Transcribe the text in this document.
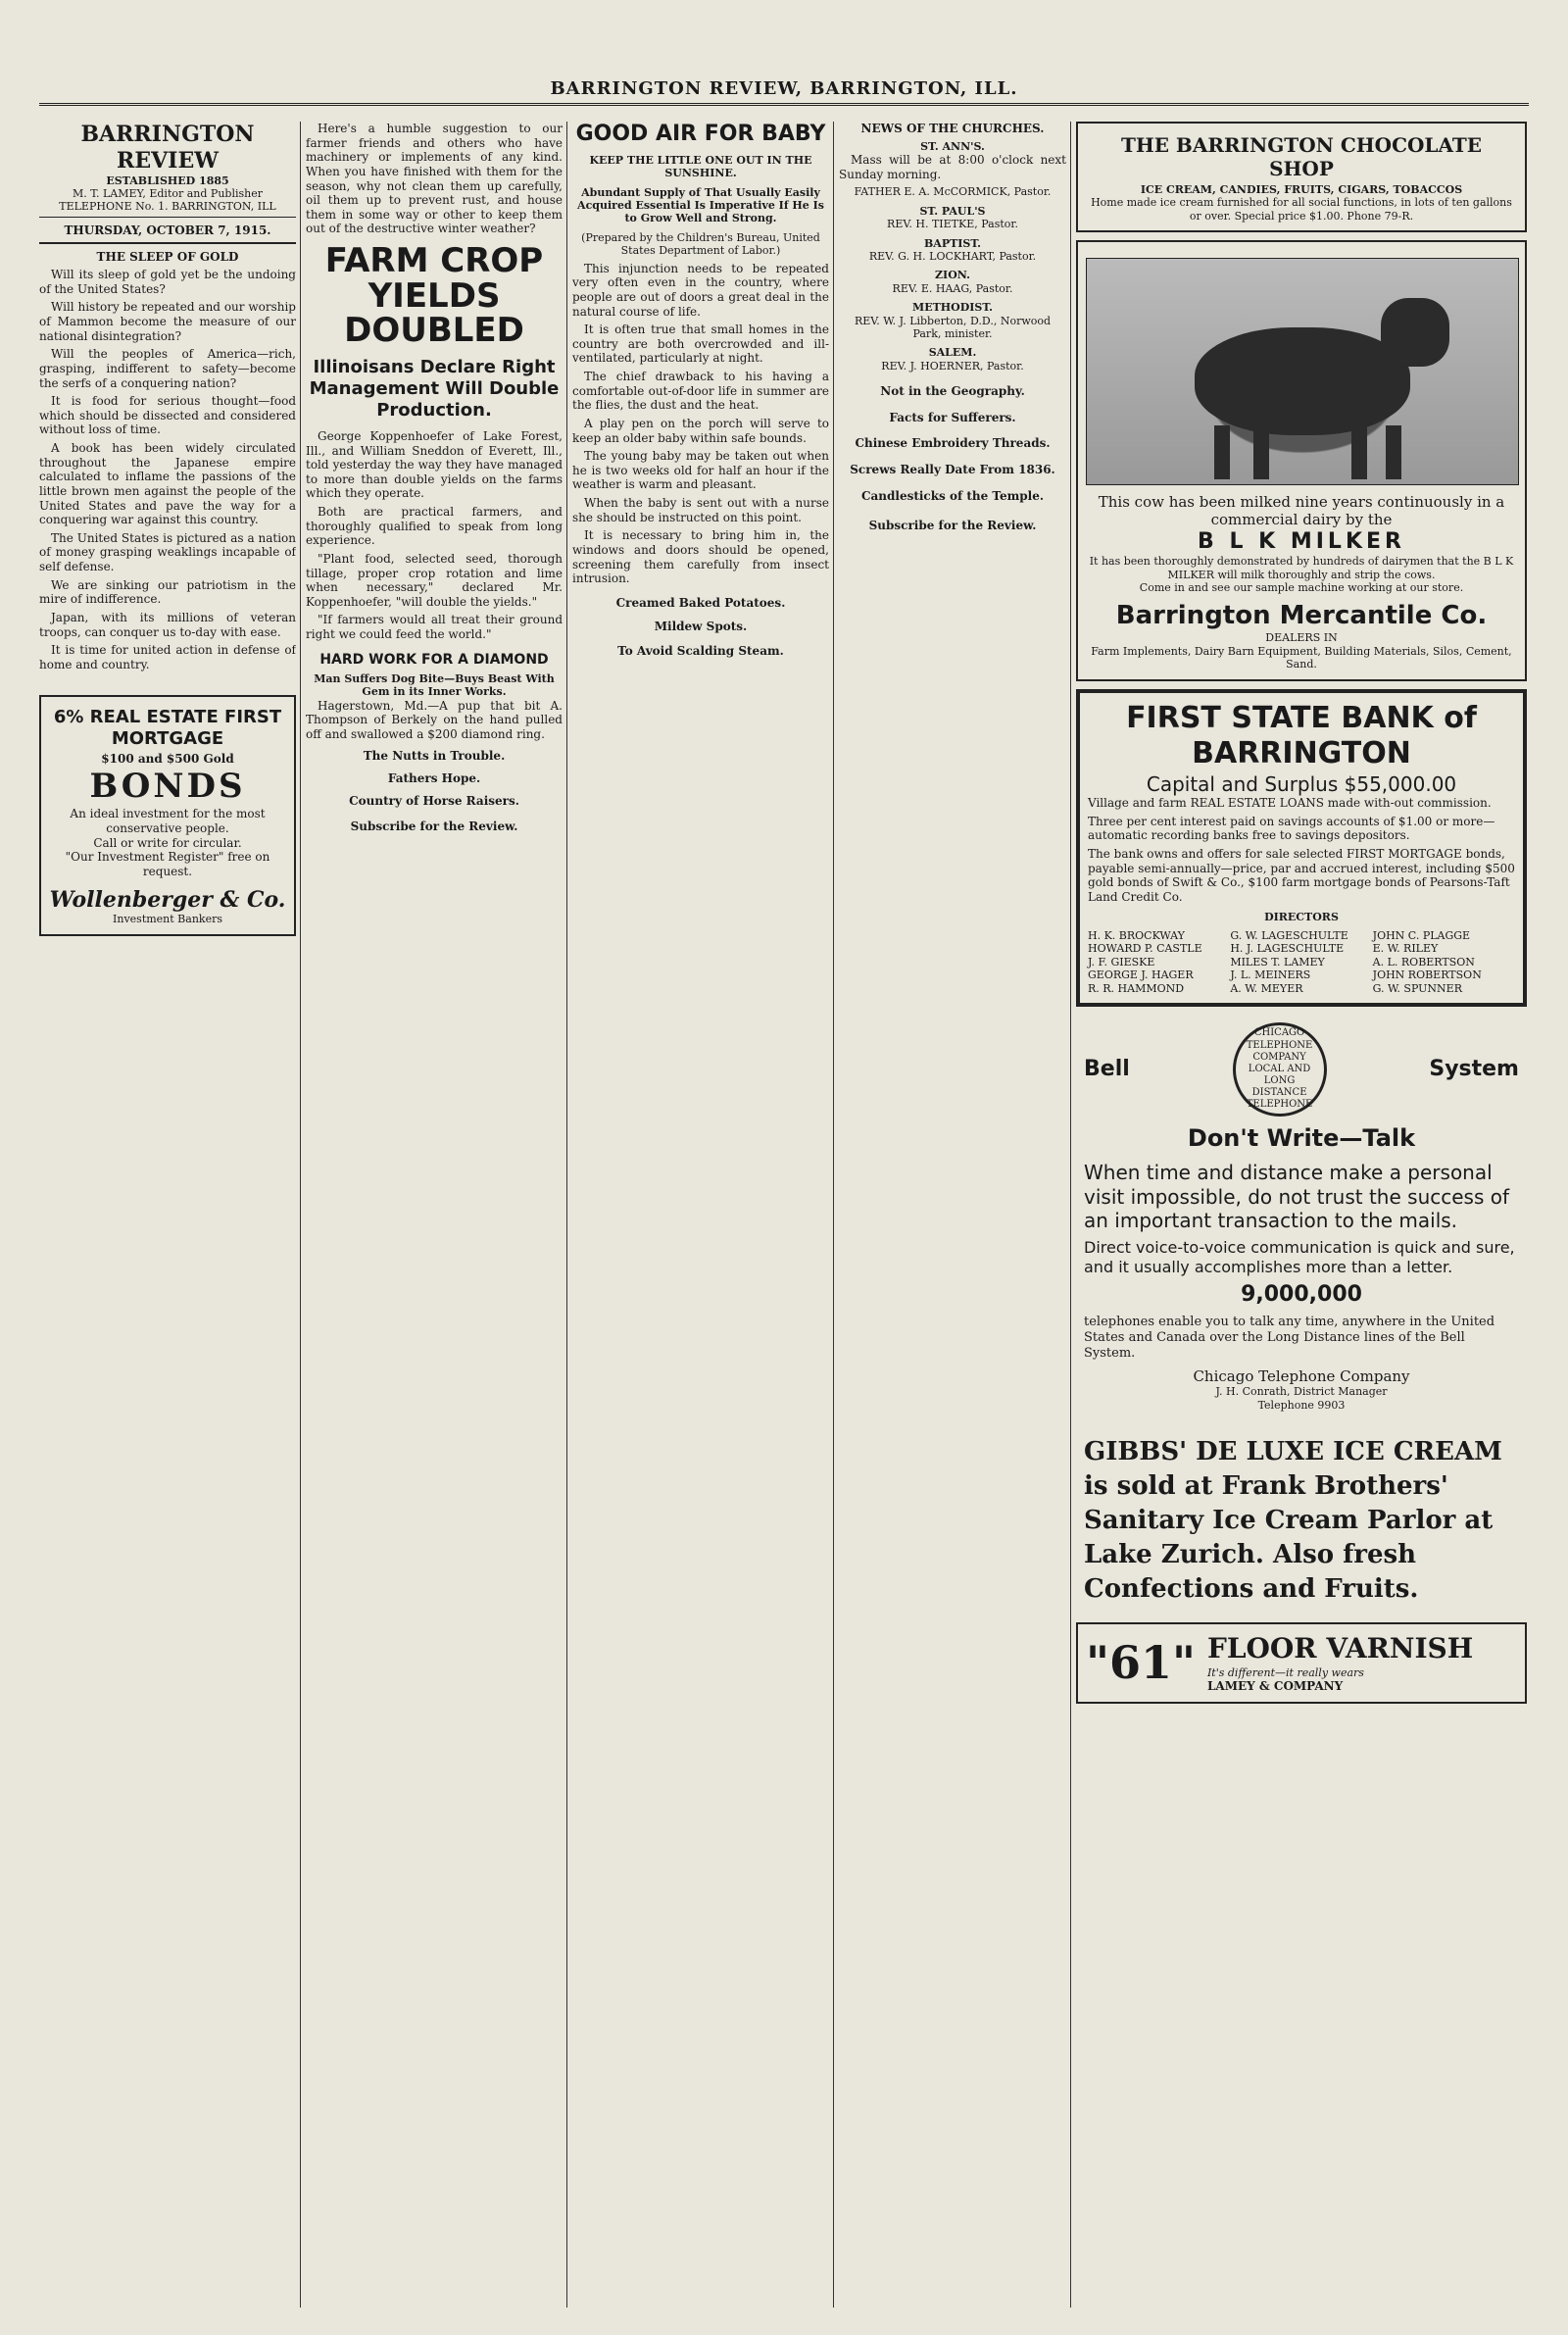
BARRINGTON REVIEW, BARRINGTON, ILL.
BARRINGTON REVIEW
ESTABLISHED 1885
M. T. LAMEY, Editor and Publisher
TELEPHONE No. 1. BARRINGTON, ILL
THURSDAY, OCTOBER 7, 1915.
THE SLEEP OF GOLD

Will its sleep of gold yet be the undoing of the United States?

Will history be repeated and our worship of Mammon become the measure of our national disintegration?

Will the peoples of America—rich, grasping, indifferent to safety—become the serfs of a conquering nation?

It is food for serious thought—food which should be dissected and considered without loss of time.

A book has been widely circulated throughout the Japanese empire calculated to inflame the passions of the little brown men against the people of the United States and pave the way for a conquering war against this country.

The United States is pictured as a nation of money grasping weaklings incapable of self defense.

We are sinking our patriotism in the mire of indifference.

Japan, with its millions of veteran troops, can conquer us to-day with ease.

It is time for united action in defense of home and country.

6% REAL ESTATE FIRST MORTGAGE
$100 and $500 Gold
BONDS
An ideal investment for the most conservative people.
Call or write for circular.
"Our Investment Register" free on request.
Wollenberger & Co.
Investment Bankers

Here's a humble suggestion to our farmer friends and others who have machinery or implements of any kind. When you have finished with them for the season, why not clean them up carefully, oil them up to prevent rust, and house them in some way or other to keep them out of the destructive winter weather?

FARM CROP YIELDS DOUBLED
Illinoisans Declare Right Management Will Double Production.

George Koppenhoefer of Lake Forest, Ill., and William Sneddon of Everett, Ill., told yesterday the way they have managed to more than double yields on the farms which they operate.

Both are practical farmers, and thoroughly qualified to speak from long experience.

"Plant food, selected seed, thorough tillage, proper crop rotation and lime when necessary," declared Mr. Koppenhoefer, "will double the yields."

"If farmers would all treat their ground right we could feed the world."

HARD WORK FOR A DIAMOND
Man Suffers Dog Bite—Buys Beast With Gem in its Inner Works.

Hagerstown, Md.—A pup that bit A. Thompson of Berkely on the hand pulled off and swallowed a $200 diamond ring.

The Nutts in Trouble.
Fathers Hope.
Country of Horse Raisers.
Subscribe for the Review.
GOOD AIR FOR BABY
KEEP THE LITTLE ONE OUT IN THE SUNSHINE.
Abundant Supply of That Usually Easily Acquired Essential Is Imperative If He Is to Grow Well and Strong.
(Prepared by the Children's Bureau, United States Department of Labor.)

This injunction needs to be repeated very often even in the country, where people are out of doors a great deal in the natural course of life.

It is often true that small homes in the country are both overcrowded and ill-ventilated, particularly at night.

The chief drawback to his having a comfortable out-of-door life in summer are the flies, the dust and the heat.

A play pen on the porch will serve to keep an older baby within safe bounds.

The young baby may be taken out when he is two weeks old for half an hour if the weather is warm and pleasant.

When the baby is sent out with a nurse she should be instructed on this point.

It is necessary to bring him in, the windows and doors should be opened, screening them carefully from insect intrusion.

Creamed Baked Potatoes.
Mildew Spots.
To Avoid Scalding Steam.
NEWS OF THE CHURCHES.
ST. ANN'S.

Mass will be at 8:00 o'clock next Sunday morning.

FATHER E. A. McCORMICK, Pastor.
ST. PAUL'S
REV. H. TIETKE, Pastor.
BAPTIST.
REV. G. H. LOCKHART, Pastor.
ZION.
REV. E. HAAG, Pastor.
METHODIST.
REV. W. J. Libberton, D.D., Norwood Park, minister.
SALEM.
REV. J. HOERNER, Pastor.
Not in the Geography.
Facts for Sufferers.
Chinese Embroidery Threads.
Screws Really Date From 1836.
Candlesticks of the Temple.
Subscribe for the Review.
THE BARRINGTON CHOCOLATE SHOP
ICE CREAM, CANDIES, FRUITS, CIGARS, TOBACCOS
Home made ice cream furnished for all social functions, in lots of ten gallons or over. Special price $1.00. Phone 79-R.
This cow has been milked nine years continuously in a commercial dairy by the
B L K MILKER
It has been thoroughly demonstrated by hundreds of dairymen that the B L K MILKER will milk thoroughly and strip the cows.
Come in and see our sample machine working at our store.
Barrington Mercantile Co.
DEALERS IN
Farm Implements, Dairy Barn Equipment, Building Materials, Silos, Cement, Sand.
FIRST STATE BANK of BARRINGTON
Capital and Surplus $55,000.00
Village and farm REAL ESTATE LOANS made with-out commission.
Three per cent interest paid on savings accounts of $1.00 or more—automatic recording banks free to savings depositors.
The bank owns and offers for sale selected FIRST MORTGAGE bonds, payable semi-annually—price, par and accrued interest, including $500 gold bonds of Swift & Co., $100 farm mortgage bonds of Pearsons-Taft Land Credit Co.
DIRECTORS
H. K. BROCKWAY	G. W. LAGESCHULTE	JOHN C. PLAGGE
HOWARD P. CASTLE	H. J. LAGESCHULTE	E. W. RILEY
J. F. GIESKE	MILES T. LAMEY	A. L. ROBERTSON
GEORGE J. HAGER	J. L. MEINERS	JOHN ROBERTSON
R. R. HAMMOND	A. W. MEYER	G. W. SPUNNER
Bell
CHICAGO TELEPHONE COMPANY LOCAL AND LONG DISTANCE TELEPHONE
System
Don't Write—Talk
When time and distance make a personal visit impossible, do not trust the success of an important transaction to the mails.
Direct voice-to-voice communication is quick and sure, and it usually accomplishes more than a letter.
9,000,000
telephones enable you to talk any time, anywhere in the United States and Canada over the Long Distance lines of the Bell System.
Chicago Telephone Company
J. H. Conrath, District Manager
Telephone 9903
GIBBS' DE LUXE ICE CREAM is sold at Frank Brothers' Sanitary Ice Cream Parlor at Lake Zurich. Also fresh Confections and Fruits.
"61" FLOOR VARNISH
It's different—it really wears
LAMEY & COMPANY
